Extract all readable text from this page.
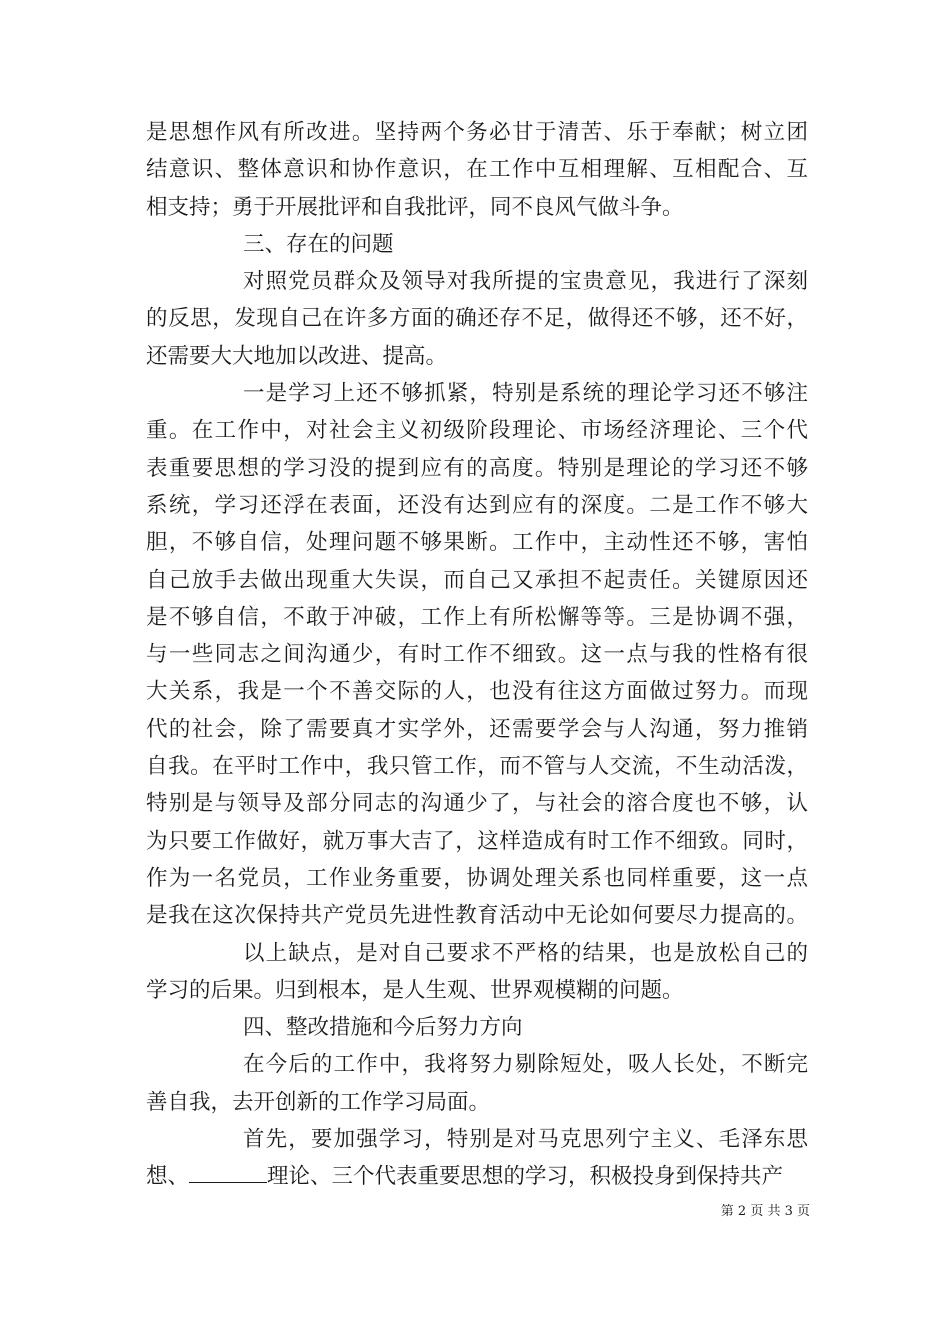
是思想作风有所改进。坚持两个务必甘于清苦、乐于奉献；树立团
结意识、整体意识和协作意识，在工作中互相理解、互相配合、互
相支持；勇于开展批评和自我批评，同不良风气做斗争。
三、存在的问题
对照党员群众及领导对我所提的宝贵意见，我进行了深刻
的反思，发现自己在许多方面的确还存不足，做得还不够，还不好，
还需要大大地加以改进、提高。
一是学习上还不够抓紧，特别是系统的理论学习还不够注
重。在工作中，对社会主义初级阶段理论、市场经济理论、三个代
表重要思想的学习没的提到应有的高度。特别是理论的学习还不够
系统，学习还浮在表面，还没有达到应有的深度。二是工作不够大
胆，不够自信，处理问题不够果断。工作中，主动性还不够，害怕
自己放手去做出现重大失误，而自己又承担不起责任。关键原因还
是不够自信，不敢于冲破，工作上有所松懈等等。三是协调不强，
与一些同志之间沟通少，有时工作不细致。这一点与我的性格有很
大关系，我是一个不善交际的人，也没有往这方面做过努力。而现
代的社会，除了需要真才实学外，还需要学会与人沟通，努力推销
自我。在平时工作中，我只管工作，而不管与人交流，不生动活泼，
特别是与领导及部分同志的沟通少了，与社会的溶合度也不够，认
为只要工作做好，就万事大吉了，这样造成有时工作不细致。同时，
作为一名党员，工作业务重要，协调处理关系也同样重要，这一点
是我在这次保持共产党员先进性教育活动中无论如何要尽力提高的。
以上缺点，是对自己要求不严格的结果，也是放松自己的
学习的后果。归到根本，是人生观、世界观模糊的问题。
四、整改措施和今后努力方向
在今后的工作中，我将努力剔除短处，吸人长处，不断完
善自我，去开创新的工作学习局面。
首先，要加强学习，特别是对马克思列宁主义、毛泽东思
想、	理论、三个代表重要思想的学习，积极投身到保持共产
第 2 页 共 3 页
